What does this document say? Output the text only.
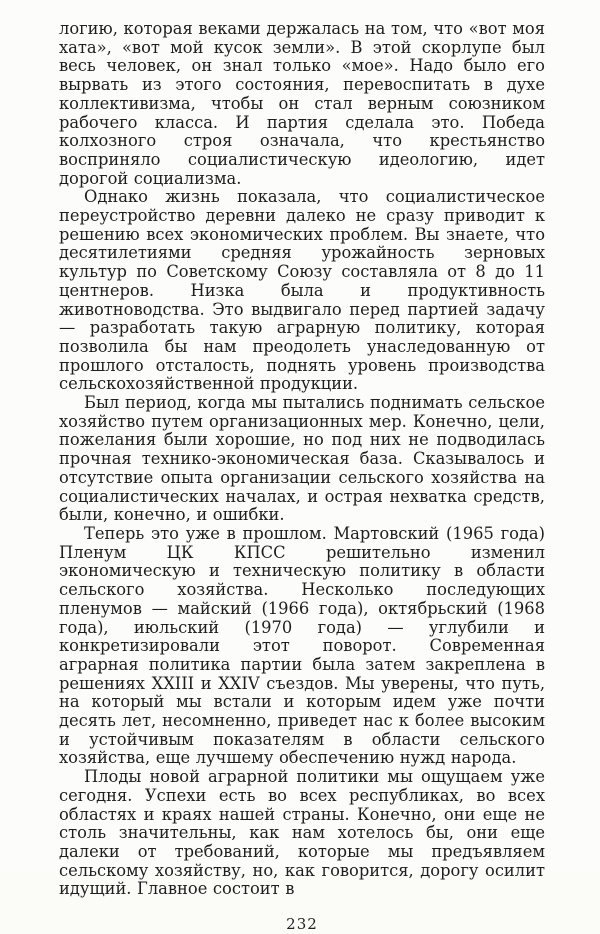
логию, которая веками держалась на том, что «вот моя хата», «вот мой кусок земли». В этой скорлупе был весь человек, он знал только «мое». Надо было его вырвать из этого состояния, перевоспитать в духе коллективизма, чтобы он стал верным союзником рабочего класса. И партия сделала это. Победа колхозного строя означала, что крестьянство восприняло социалистическую идеологию, идет дорогой социализма.

Однако жизнь показала, что социалистическое переустройство деревни далеко не сразу приводит к решению всех экономических проблем. Вы знаете, что десятилетиями средняя урожайность зерновых культур по Советскому Союзу составляла от 8 до 11 центнеров. Низка была и продуктивность животноводства. Это выдвигало перед партией задачу — разработать такую аграрную политику, которая позволила бы нам преодолеть унаследованную от прошлого отсталость, поднять уровень производства сельскохозяйственной продукции.

Был период, когда мы пытались поднимать сельское хозяйство путем организационных мер. Конечно, цели, пожелания были хорошие, но под них не подводилась прочная технико-экономическая база. Сказывалось и отсутствие опыта организации сельского хозяйства на социалистических началах, и острая нехватка средств, были, конечно, и ошибки.

Теперь это уже в прошлом. Мартовский (1965 года) Пленум ЦК КПСС решительно изменил экономическую и техническую политику в области сельского хозяйства. Несколько последующих пленумов — майский (1966 года), октябрьский (1968 года), июльский (1970 года) — углубили и конкретизировали этот поворот. Современная аграрная политика партии была затем закреплена в решениях XXIII и XXIV съездов. Мы уверены, что путь, на который мы встали и которым идем уже почти десять лет, несомненно, приведет нас к более высоким и устойчивым показателям в области сельского хозяйства, еще лучшему обеспечению нужд народа.

Плоды новой аграрной политики мы ощущаем уже сегодня. Успехи есть во всех республиках, во всех областях и краях нашей страны. Конечно, они еще не столь значительны, как нам хотелось бы, они еще далеки от требований, которые мы предъявляем сельскому хозяйству, но, как говорится, дорогу осилит идущий. Главное состоит в

232
